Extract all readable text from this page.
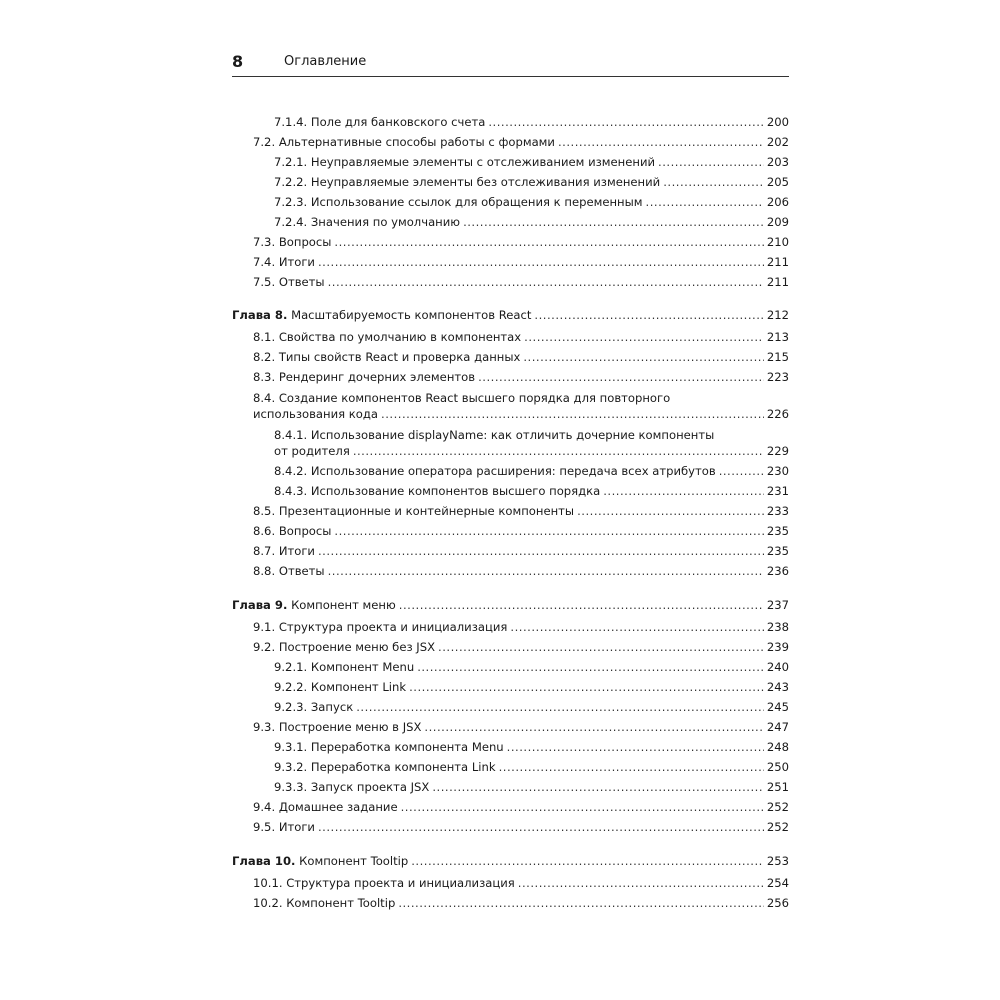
8	Оглавление
7.1.4. Поле для банковского счета .....	200
7.2. Альтернативные способы работы с формами .....	202
7.2.1. Неуправляемые элементы с отслеживанием изменений .....	203
7.2.2. Неуправляемые элементы без отслеживания изменений .....	205
7.2.3. Использование ссылок для обращения к переменным .....	206
7.2.4. Значения по умолчанию .....	209
7.3. Вопросы .....	210
7.4. Итоги .....	211
7.5. Ответы .....	211
Глава 8. Масштабируемость компонентов React .....	212
8.1. Свойства по умолчанию в компонентах .....	213
8.2. Типы свойств React и проверка данных .....	215
8.3. Рендеринг дочерних элементов .....	223
8.4. Создание компонентов React высшего порядка для повторного
использования кода .....	226
8.4.1. Использование displayName: как отличить дочерние компоненты
от родителя .....	229
8.4.2. Использование оператора расширения: передача всех атрибутов .....	230
8.4.3. Использование компонентов высшего порядка .....	231
8.5. Презентационные и контейнерные компоненты .....	233
8.6. Вопросы .....	235
8.7. Итоги .....	235
8.8. Ответы .....	236
Глава 9. Компонент меню .....	237
9.1. Структура проекта и инициализация .....	238
9.2. Построение меню без JSX .....	239
9.2.1. Компонент Menu .....	240
9.2.2. Компонент Link .....	243
9.2.3. Запуск .....	245
9.3. Построение меню в JSX .....	247
9.3.1. Переработка компонента Menu .....	248
9.3.2. Переработка компонента Link .....	250
9.3.3. Запуск проекта JSX .....	251
9.4. Домашнее задание .....	252
9.5. Итоги .....	252
Глава 10. Компонент Tooltip .....	253
10.1. Структура проекта и инициализация .....	254
10.2. Компонент Tooltip .....	256
